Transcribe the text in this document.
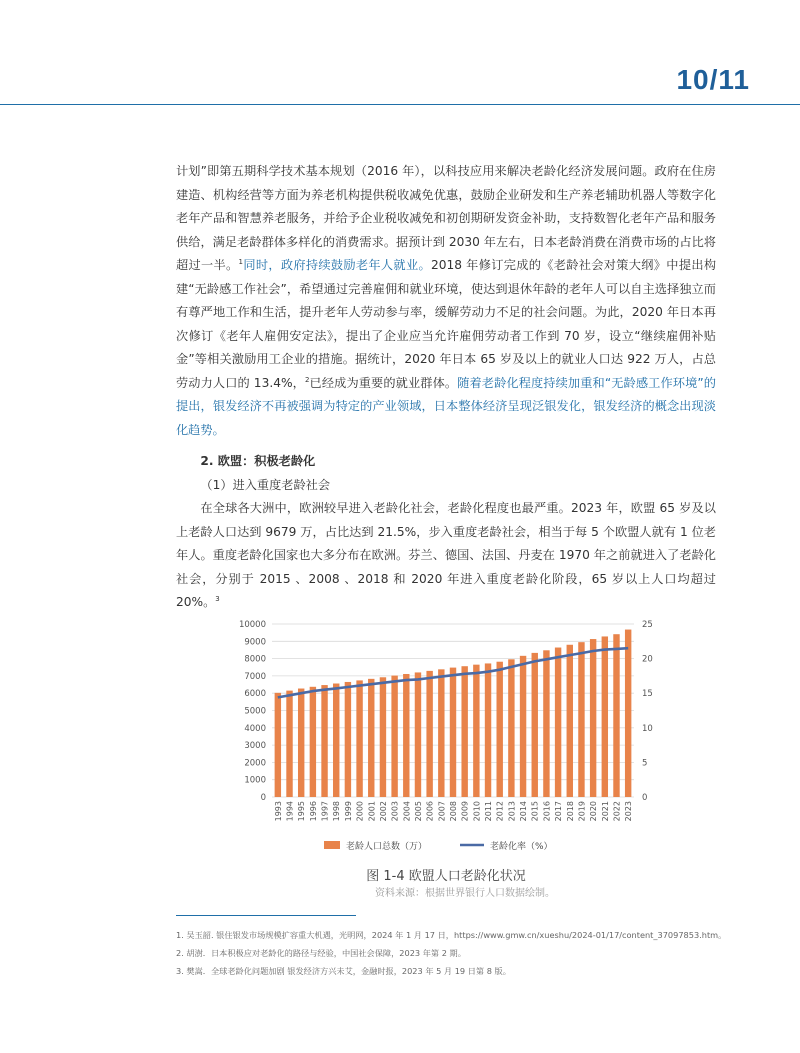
10/11

计划”即第五期科学技术基本规划（2016 年），以科技应用来解决老龄化经济发展问题。政府在住房建造、机构经营等方面为养老机构提供税收减免优惠，鼓励企业研发和生产养老辅助机器人等数字化老年产品和智慧养老服务，并给予企业税收减免和初创期研发资金补助，支持数智化老年产品和服务供给，满足老龄群体多样化的消费需求。据预计到 2030 年左右，日本老龄消费在消费市场的占比将超过一半。$^1$同时，政府持续鼓励老年人就业。2018 年修订完成的《老龄社会对策大纲》中提出构建“无龄感工作社会”，希望通过完善雇佣和就业环境，使达到退休年龄的老年人可以自主选择独立而有尊严地工作和生活，提升老年人劳动参与率，缓解劳动力不足的社会问题。为此，2020 年日本再次修订《老年人雇佣安定法》，提出了企业应当允许雇佣劳动者工作到 70 岁，设立“继续雇佣补贴金”等相关激励用工企业的措施。据统计，2020 年日本 65 岁及以上的就业人口达 922 万人，占总劳动力人口的 13.4%，$^2$已经成为重要的就业群体。随着老龄化程度持续加重和“无龄感工作环境”的提出，银发经济不再被强调为特定的产业领域，日本整体经济呈现泛银发化，银发经济的概念出现淡化趋势。

2. 欧盟：积极老龄化

（1）进入重度老龄社会

在全球各大洲中，欧洲较早进入老龄化社会，老龄化程度也最严重。2023 年，欧盟 65 岁及以上老龄人口达到 9679 万，占比达到 21.5%，步入重度老龄社会，相当于每 5 个欧盟人就有 1 位老年人。重度老龄化国家也大多分布在欧洲。芬兰、德国、法国、丹麦在 1970 年之前就进入了老龄化社会，分别于 2015 、2008 、2018 和 2020 年进入重度老龄化阶段，65 岁以上人口均超过 20%。$^3$

0
1000
2000
3000
4000
5000
6000
7000
8000
9000
10000
0
5
10
15
20
25
1993 1994 1995 1996 1997 1998 1999 2000 2001 2002 2003 2004 2005 2006 2007 2008 2009 2010 2011 2012 2013 2014 2015 2016 2017 2018 2019 2020 2021 2022 2023
老龄人口总数（万）	老龄化率（%）
图 1-4 欧盟人口老龄化状况
资料来源：根据世界银行人口数据绘制。
1. 吴玉韶. 银住银发市场规模扩容重大机遇，光明网，2024 年 1 月 17 日，https://www.gmw.cn/xueshu/2024-01/17/content_37097853.htm。
2. 胡澍．日本积极应对老龄化的路径与经验，中国社会保障，2023 年第 2 期。
3. 樊嵩．全球老龄化问题加剧 银发经济方兴未艾，金融时报，2023 年 5 月 19 日第 8 版。
